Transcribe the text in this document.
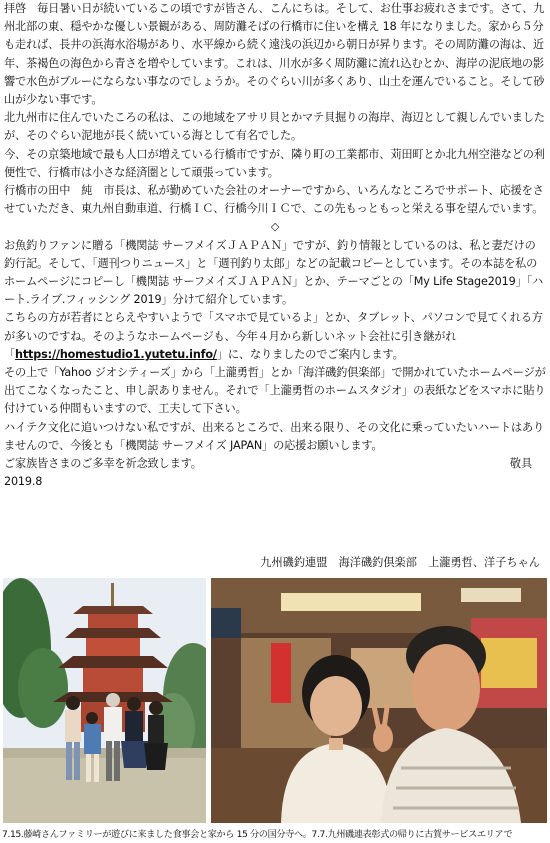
拝啓　毎日暑い日が続いているこの頃ですが皆さん、こんにちは。そして、お仕事お疲れさまです。さて、九州北部の東、穏やかな優しい景観がある、周防灘そばの行橋市に住いを構え 18 年になりました。家から５分も走れば、長井の浜海水浴場があり、水平線から続く遠浅の浜辺から朝日が昇ります。その周防灘の海は、近年、茶褐色の海色から青さを増やしています。これは、川水が多く周防灘に流れ込むとか、海岸の泥底地の影響で水色がブルーにならない事なのでしょうか。そのぐらい川が多くあり、山土を運んでいること。そして砂山が少ない事です。

北九州市に住んでいたころの私は、この地域をアサリ貝とかマテ貝掘りの海岸、海辺として親しんでいましたが、そのぐらい泥地が長く続いている海として有名でした。

今、その京築地域で最も人口が増えている行橋市ですが、隣り町の工業都市、苅田町とか北九州空港などの利便性で、行橋市は小さな経済圏として頑張っています。

行橋市の田中　純　市長は、私が勤めていた会社のオーナーですから、いろんなところでサポート、応援をさせていただき、東九州自動車道、行橋ＩＣ、行橋今川ＩＣで、この先もっともっと栄える事を望んでいます。

◇

お魚釣りファンに贈る「機関誌 サーフメイズＪＡＰＡＮ」ですが、釣り情報としているのは、私と妻だけの釣行記。そして、「週刊つりニュース」と「週刊釣り太郎」などの記載コピーとしています。その本誌を私のホームページにコピーし「機関誌 サーフメイズＪＡＰＡＮ」とか、テーマごとの「My Life Stage2019」「ハート.ライブ.フィッシング 2019」分けて紹介しています。

こちらの方が若者にとらえやすいようで「スマホで見ているよ」とか、タブレット、パソコンで見てくれる方が多いのですね。そのようなホームページも、今年４月から新しいネット会社に引き継がれ「https://homestudio1.yutetu.info/」に、なりましたのでご案内します。

その上で「Yahoo ジオシティーズ」から「上瀧勇哲」とか「海洋磯釣倶楽部」で開かれていたホームページが出てこなくなったこと、申し訳ありません。それで「上瀧勇哲のホームスタジオ」の表紙などをスマホに貼り付けている仲間もいますので、工夫して下さい。

ハイテク文化に追いつけない私ですが、出来るところで、出来る限り、その文化に乗っていたいハートはありませんので、今後とも「機関誌 サーフメイズ JAPAN」の応援お願いします。

ご家族皆さまのご多幸を祈念致します。	敬具

2019.8

九州磯釣連盟　海洋磯釣倶楽部　上瀧勇哲、洋子ちゃん
7.15.藤崎さんファミリーが遊びに来ました食事会と家から 15 分の国分寺へ。7.7.九州磯連表彰式の帰りに古賀サービスエリアで
